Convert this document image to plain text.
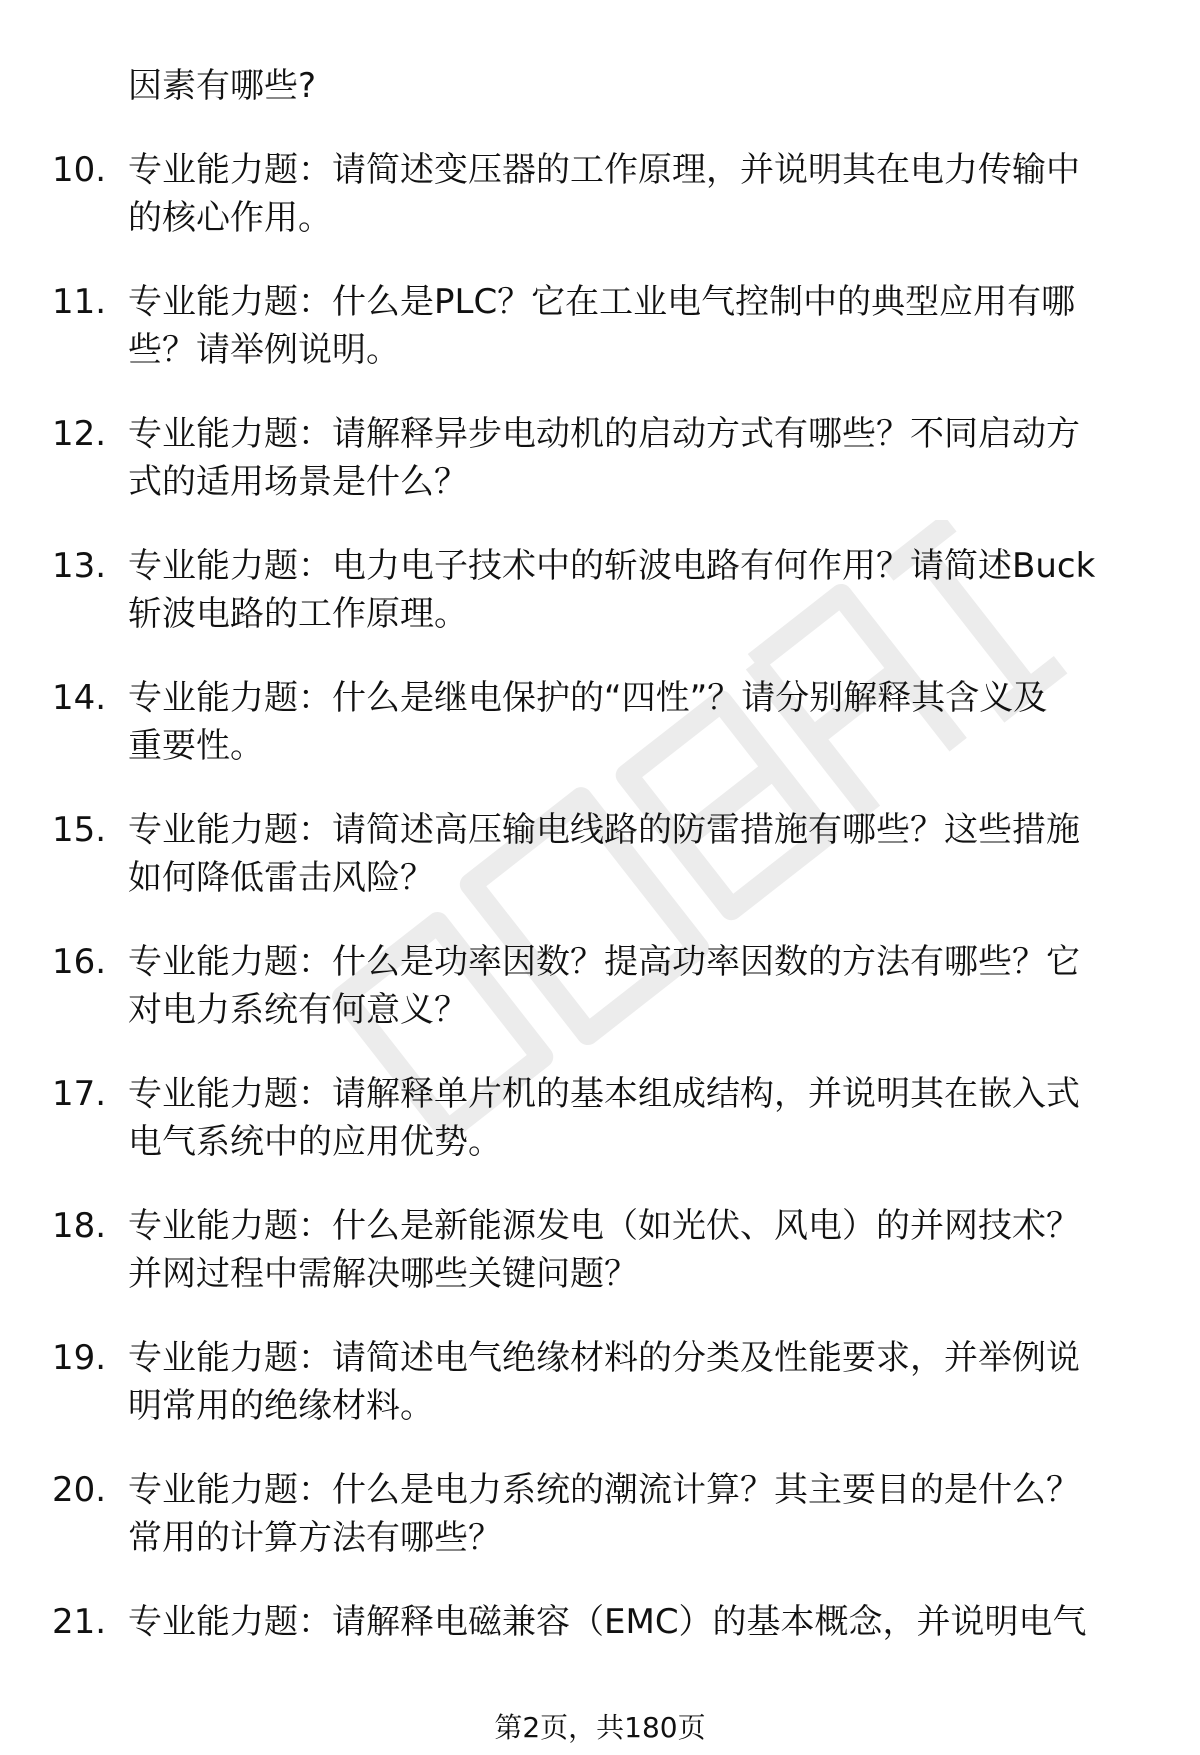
因素有哪些?
10. 专业能力题：请简述变压器的工作原理，并说明其在电力传输中
的核心作用。
11. 专业能力题：什么是PLC？它在工业电气控制中的典型应用有哪
些？请举例说明。
12. 专业能力题：请解释异步电动机的启动方式有哪些？不同启动方
式的适用场景是什么？
13. 专业能力题：电力电子技术中的斩波电路有何作用？请简述Buck
斩波电路的工作原理。
14. 专业能力题：什么是继电保护的“四性”？请分别解释其含义及
重要性。
15. 专业能力题：请简述高压输电线路的防雷措施有哪些？这些措施
如何降低雷击风险？
16. 专业能力题：什么是功率因数？提高功率因数的方法有哪些？它
对电力系统有何意义？
17. 专业能力题：请解释单片机的基本组成结构，并说明其在嵌入式
电气系统中的应用优势。
18. 专业能力题：什么是新能源发电（如光伏、风电）的并网技术？
并网过程中需解决哪些关键问题？
19. 专业能力题：请简述电气绝缘材料的分类及性能要求，并举例说
明常用的绝缘材料。
20. 专业能力题：什么是电力系统的潮流计算？其主要目的是什么？
常用的计算方法有哪些？
21. 专业能力题：请解释电磁兼容（EMC）的基本概念，并说明电气
第2页，共180页
